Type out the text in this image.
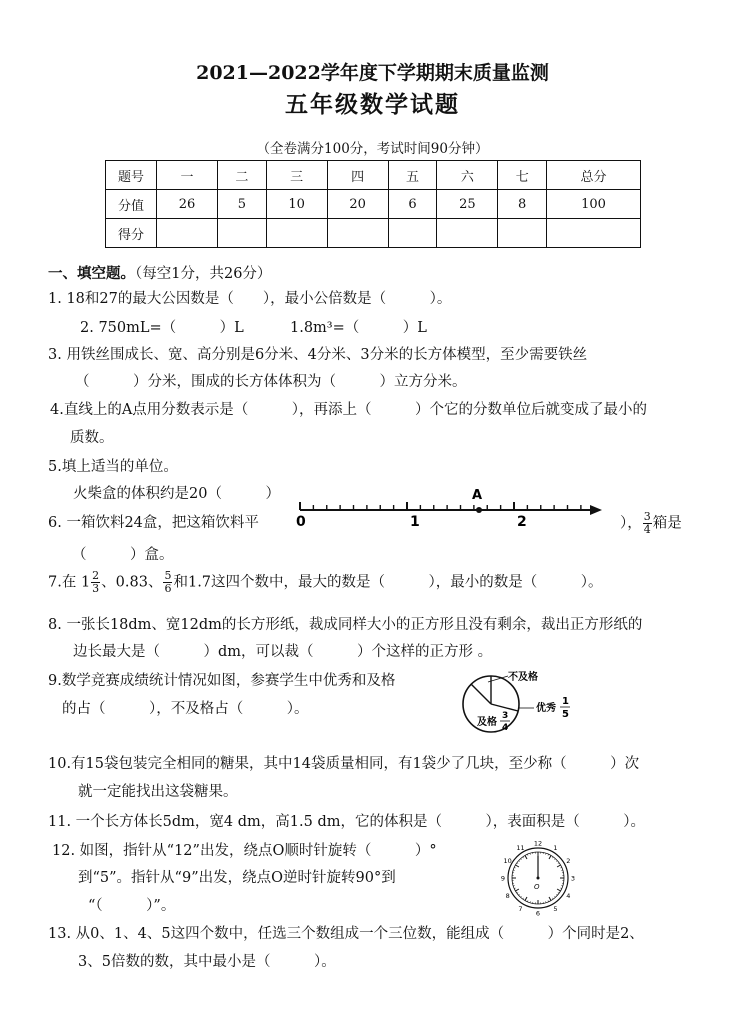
2021—2022学年度下学期期末质量监测
五年级数学试题
（全卷满分100分，考试时间90分钟）
题号	一	二	三	四	五	六	七	总分
分值	26	5	10	20	6	25	8	100
得分								
一、填空题。（每空1分，共26分）
1. 18和27的最大公因数是（　　），最小公倍数是（　　　）。
2. 750mL=（　　　）L	1.8m³=（　　　）L
3. 用铁丝围成长、宽、高分别是6分米、4分米、3分米的长方体模型，至少需要铁丝
（　　　）分米，围成的长方体体积为（　　　）立方分米。
4.直线上的A点用分数表示是（　　　），再添上（　　　）个它的分数单位后就变成了最小的
质数。
5.填上适当的单位。
火柴盒的体积约是20（　　　）	A
0	1	2
6. 一箱饮料24盒，把这箱饮料平	）， $\frac{3}{4}$ 箱是
（　　　）盒。
7.在 $1 \frac{2}{3}$ 、0.83、 $\frac{5}{6}$ 和1.7这四个数中，最大的数是（　　　），最小的数是（　　　）。
8. 一张长18dm、宽12dm的长方形纸，裁成同样大小的正方形且没有剩余，裁出正方形纸的
边长最大是（　　　）dm，可以裁（　　　）个这样的正方形 。
9.数学竞赛成绩统计情况如图，参赛学生中优秀和及格
的占（　　　），不及格占（　　　）。
不及格
优秀
1
5
及格
3
4
10.有15袋包装完全相同的糖果，其中14袋质量相同，有1袋少了几块，至少称（　　　）次
就一定能找出这袋糖果。
11. 一个长方体长5dm，宽4 dm，高1.5 dm，它的体积是（　　　），表面积是（　　　）。
12. 如图，指针从“12”出发，绕点O顺时针旋转（　　　）°
到“5”。指针从“9”出发，绕点O逆时针旋转90°到
“（　　　）”。
12
1
2
3
4
5
6
7
8
9
10
11
O
13. 从0、1、4、5这四个数中，任选三个数组成一个三位数，能组成（　　　）个同时是2、
3、5倍数的数，其中最小是（　　　）。
